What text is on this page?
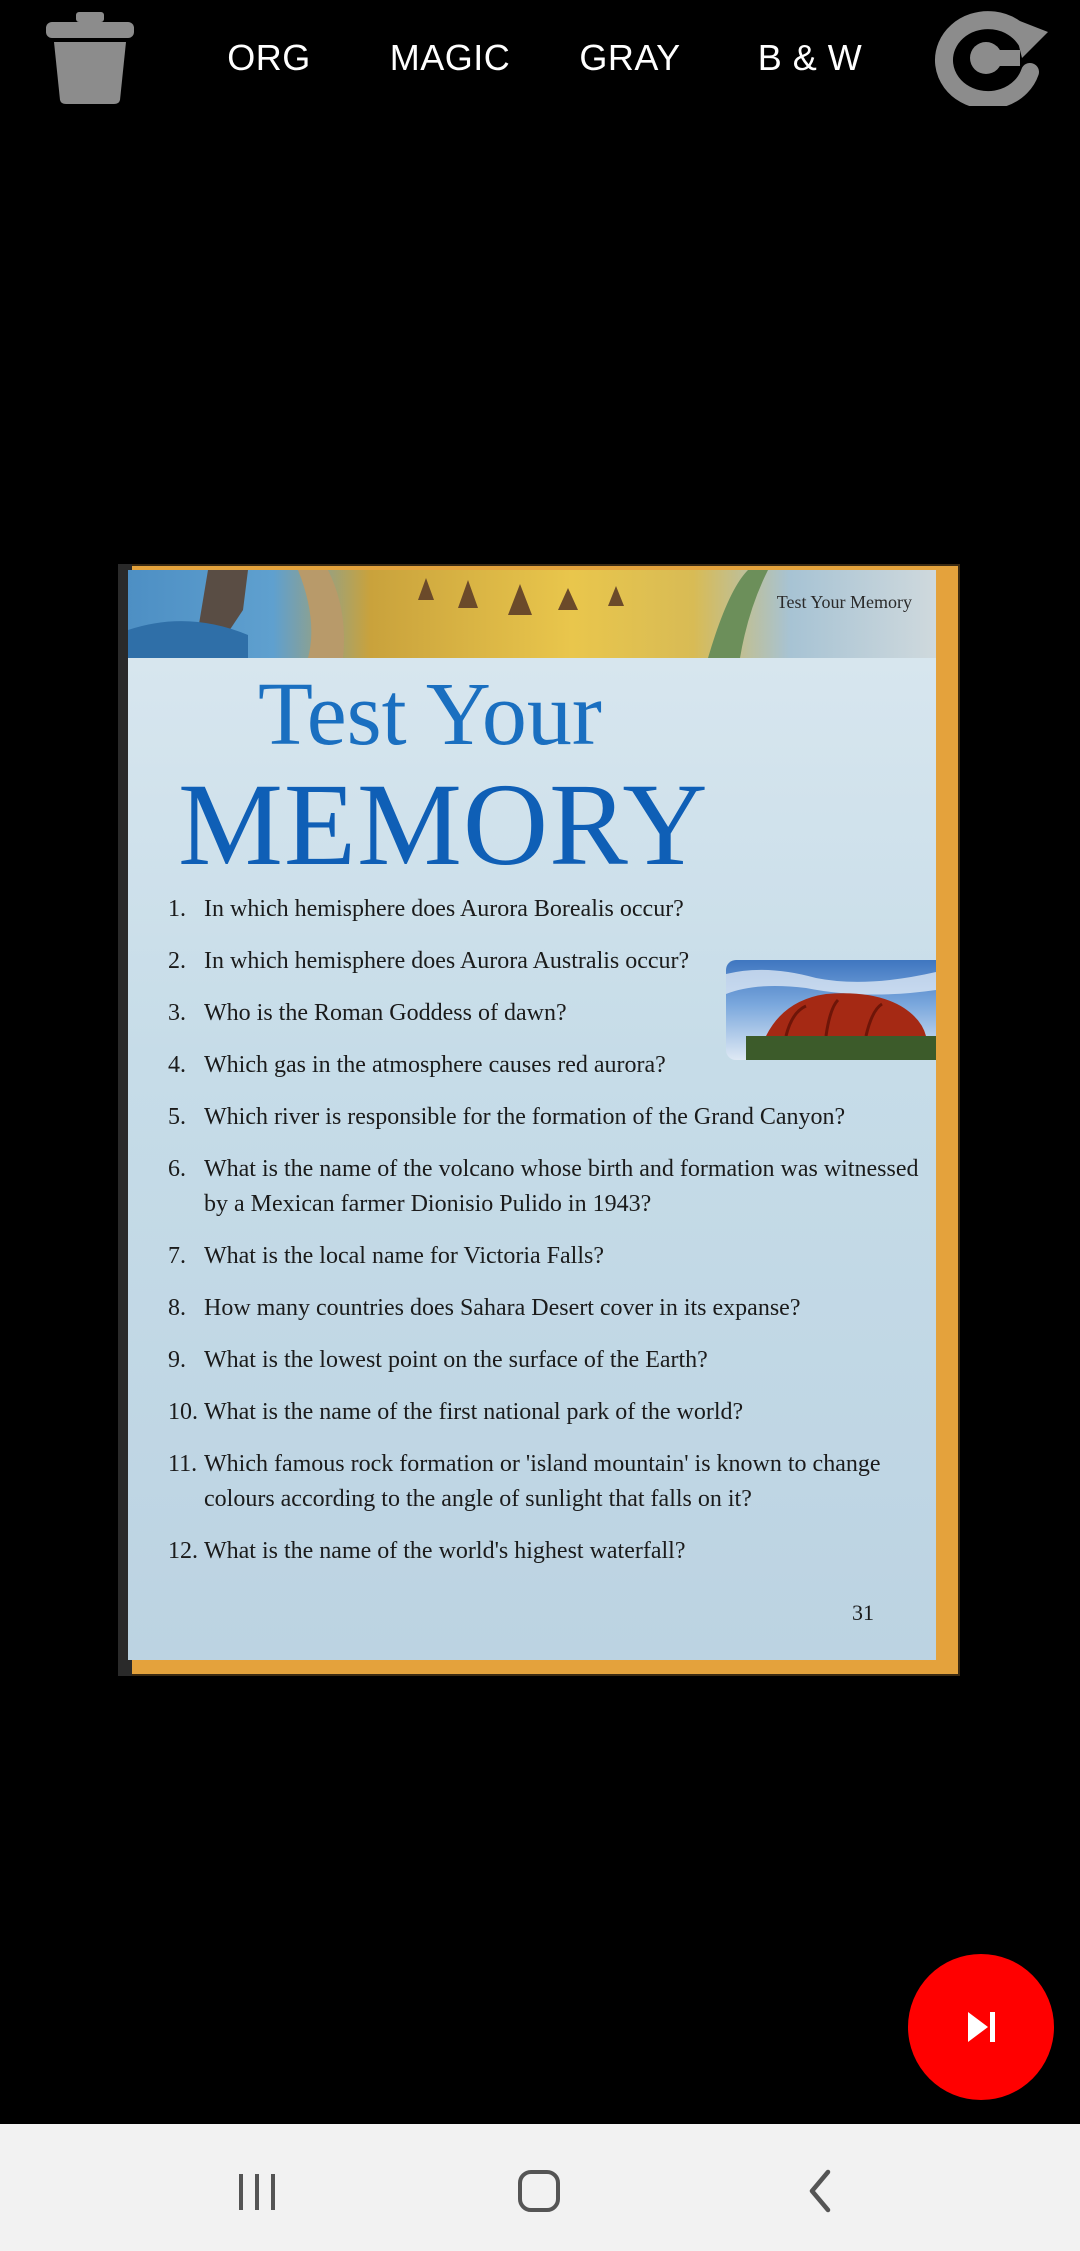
ORG	MAGIC GRAY B & W
Test Your Memory
Test Your
MEMORY
1. In which hemisphere does Aurora Borealis occur?
2. In which hemisphere does Aurora Australis occur?
3. Who is the Roman Goddess of dawn?
4. Which gas in the atmosphere causes red aurora?
5. Which river is responsible for the formation of the Grand Canyon?
6. What is the name of the volcano whose birth and formation was witnessed by a Mexican farmer Dionisio Pulido in 1943?
7. What is the local name for Victoria Falls?
8. How many countries does Sahara Desert cover in its expanse?
9. What is the lowest point on the surface of the Earth?
10. What is the name of the first national park of the world?
11. Which famous rock formation or 'island mountain' is known to change colours according to the angle of sunlight that falls on it?
12. What is the name of the world's highest waterfall?
31
